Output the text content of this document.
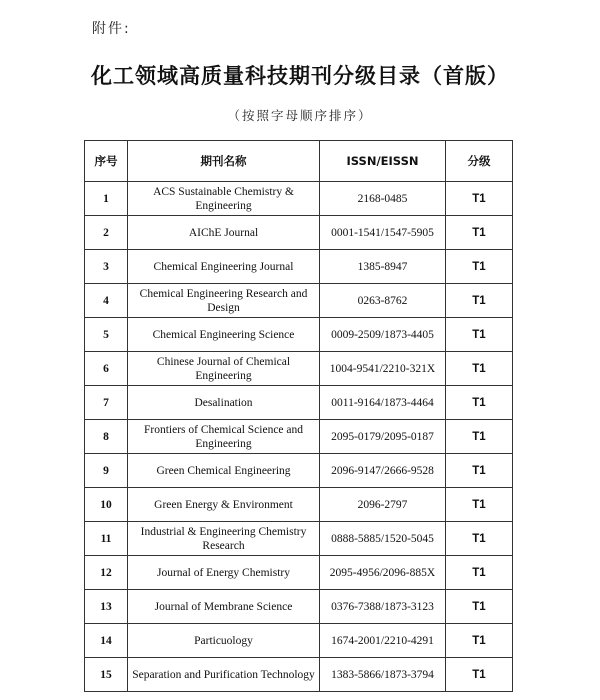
附件:
化工领域高质量科技期刊分级目录（首版）
（按照字母顺序排序）
序号	期刊名称	ISSN/EISSN	分级
1	ACS Sustainable Chemistry & Engineering	2168-0485	T1
2	AIChE Journal	0001-1541/1547-5905	T1
3	Chemical Engineering Journal	1385-8947	T1
4	Chemical Engineering Research and Design	0263-8762	T1
5	Chemical Engineering Science	0009-2509/1873-4405	T1
6	Chinese Journal of Chemical Engineering	1004-9541/2210-321X	T1
7	Desalination	0011-9164/1873-4464	T1
8	Frontiers of Chemical Science and Engineering	2095-0179/2095-0187	T1
9	Green Chemical Engineering	2096-9147/2666-9528	T1
10	Green Energy & Environment	2096-2797	T1
11	Industrial & Engineering Chemistry Research	0888-5885/1520-5045	T1
12	Journal of Energy Chemistry	2095-4956/2096-885X	T1
13	Journal of Membrane Science	0376-7388/1873-3123	T1
14	Particuology	1674-2001/2210-4291	T1
15	Separation and Purification Technology	1383-5866/1873-3794	T1
